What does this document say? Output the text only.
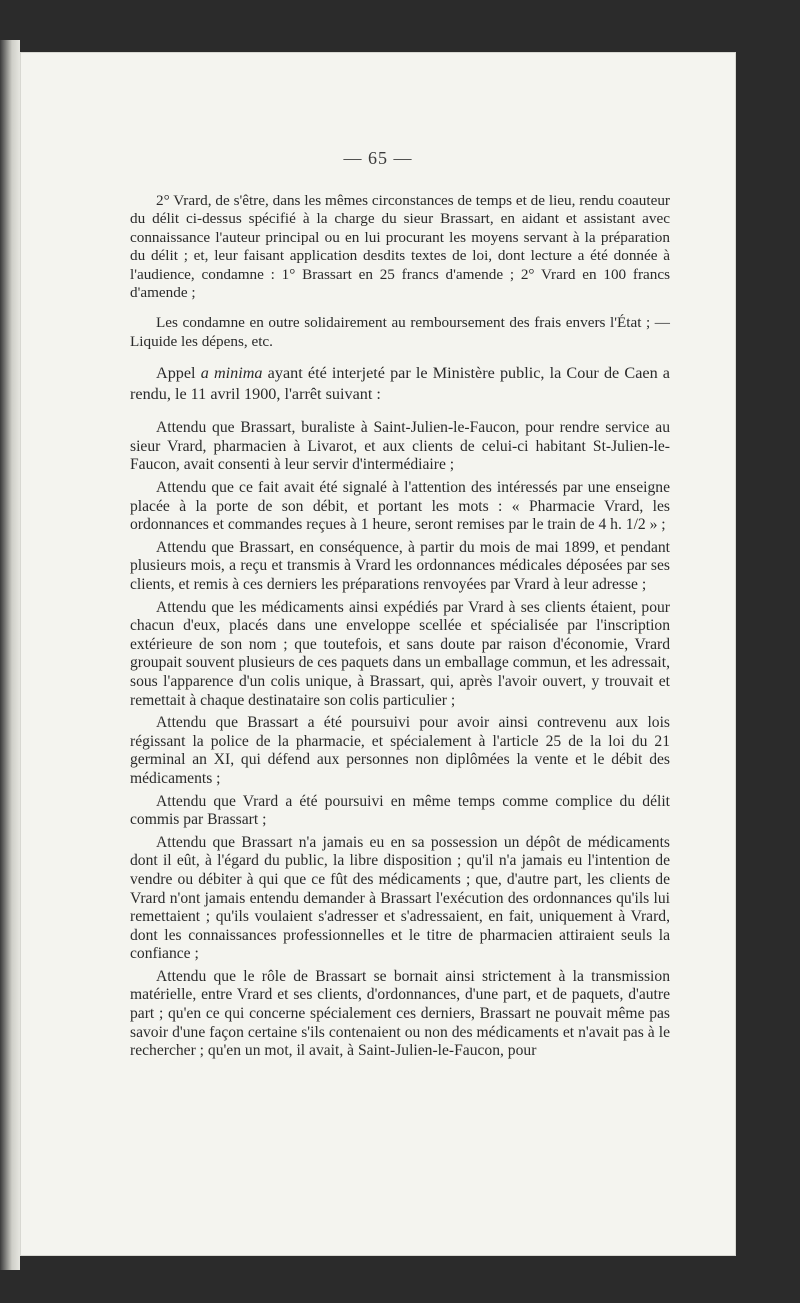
— 65 —

2° Vrard, de s'être, dans les mêmes circonstances de temps et de lieu, rendu coauteur du délit ci-dessus spécifié à la charge du sieur Brassart, en aidant et assistant avec connaissance l'auteur principal ou en lui procurant les moyens servant à la préparation du délit ; et, leur faisant application desdits textes de loi, dont lecture a été donnée à l'audience, condamne : 1° Brassart en 25 francs d'amende ; 2° Vrard en 100 francs d'amende ;

Les condamne en outre solidairement au remboursement des frais envers l'État ; — Liquide les dépens, etc.

Appel a minima ayant été interjeté par le Ministère public, la Cour de Caen a rendu, le 11 avril 1900, l'arrêt suivant :

Attendu que Brassart, buraliste à Saint-Julien-le-Faucon, pour rendre service au sieur Vrard, pharmacien à Livarot, et aux clients de celui-ci habitant St-Julien-le-Faucon, avait consenti à leur servir d'intermédiaire ;

Attendu que ce fait avait été signalé à l'attention des intéressés par une enseigne placée à la porte de son débit, et portant les mots : « Pharmacie Vrard, les ordonnances et commandes reçues à 1 heure, seront remises par le train de 4 h. 1/2 » ;

Attendu que Brassart, en conséquence, à partir du mois de mai 1899, et pendant plusieurs mois, a reçu et transmis à Vrard les ordonnances médicales déposées par ses clients, et remis à ces derniers les préparations renvoyées par Vrard à leur adresse ;

Attendu que les médicaments ainsi expédiés par Vrard à ses clients étaient, pour chacun d'eux, placés dans une enveloppe scellée et spécialisée par l'inscription extérieure de son nom ; que toutefois, et sans doute par raison d'économie, Vrard groupait souvent plusieurs de ces paquets dans un emballage commun, et les adressait, sous l'apparence d'un colis unique, à Brassart, qui, après l'avoir ouvert, y trouvait et remettait à chaque destinataire son colis particulier ;

Attendu que Brassart a été poursuivi pour avoir ainsi contrevenu aux lois régissant la police de la pharmacie, et spécialement à l'article 25 de la loi du 21 germinal an XI, qui défend aux personnes non diplômées la vente et le débit des médicaments ;

Attendu que Vrard a été poursuivi en même temps comme complice du délit commis par Brassart ;

Attendu que Brassart n'a jamais eu en sa possession un dépôt de médicaments dont il eût, à l'égard du public, la libre disposition ; qu'il n'a jamais eu l'intention de vendre ou débiter à qui que ce fût des médicaments ; que, d'autre part, les clients de Vrard n'ont jamais entendu demander à Brassart l'exécution des ordonnances qu'ils lui remettaient ; qu'ils voulaient s'adresser et s'adressaient, en fait, uniquement à Vrard, dont les connaissances professionnelles et le titre de pharmacien attiraient seuls la confiance ;

Attendu que le rôle de Brassart se bornait ainsi strictement à la transmission matérielle, entre Vrard et ses clients, d'ordonnances, d'une part, et de paquets, d'autre part ; qu'en ce qui concerne spécialement ces derniers, Brassart ne pouvait même pas savoir d'une façon certaine s'ils contenaient ou non des médicaments et n'avait pas à le rechercher ; qu'en un mot, il avait, à Saint-Julien-le-Faucon, pour
